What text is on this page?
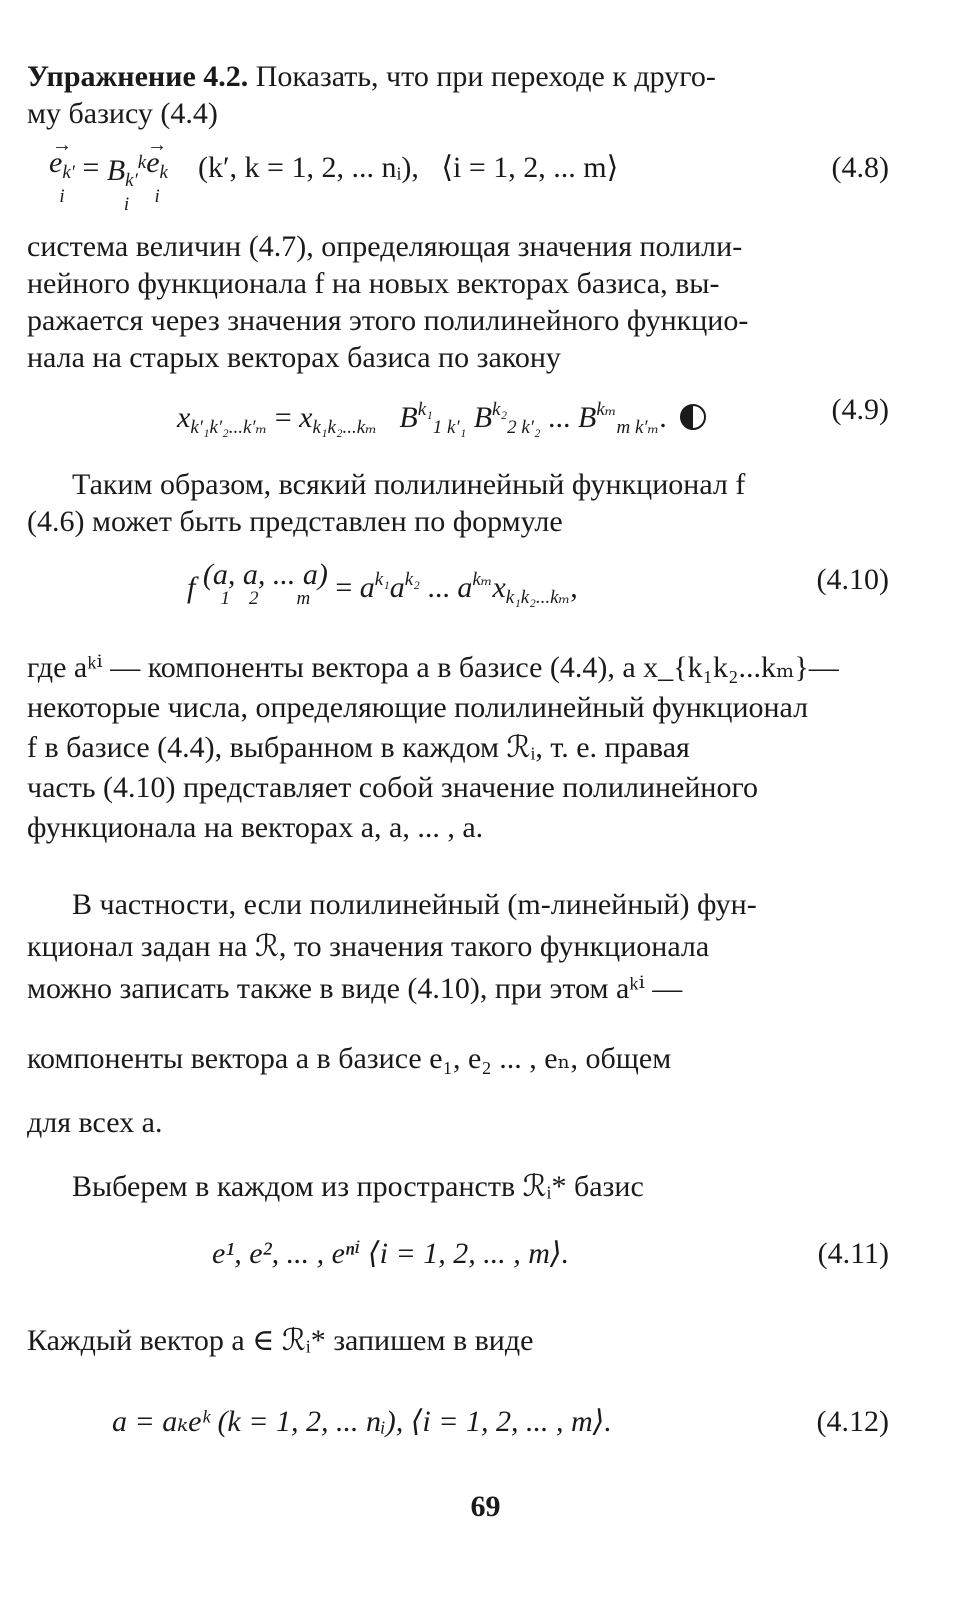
Упражнение 4.2. Показать, что при переходе к друго-
му базису (4.4)
→
$e_{k'}$
i
= $B_{k'}^k$
i
→
$e_k$
i
(k′, k = 1, 2, ... nᵢ), ⟨i = 1, 2, ... m⟩	(4.8)
система величин (4.7), определяющая значения полили-
нейного функционала f на новых векторах базиса, вы-
ражается через значения этого полилинейного функцио-
нала на старых векторах базиса по закону
$x_{k'_1k'_2...k'_m} = x_{k_1k_2...k_m}$ $B^{k_1}_{1 k'_1}$ $B^{k_2}_{2 k'_2}$ ... $B^{k_m}_{m k'_m}$.	(4.9)
Таким образом, всякий полилинейный функционал f
(4.6) может быть представлен по формуле
f (a, a, ... a)
1 2 $m = a^{k_1}a^{k_2}$ ... $a^{k_m}x_{k_1k_2...k_m}$,	(4.10)
где aᵏⁱ — компоненты вектора a в базисе (4.4), а x_{k₁k₂...kₘ}—
некоторые числа, определяющие полилинейный функционал
f в базисе (4.4), выбранном в каждом ℛᵢ, т. е. правая
часть (4.10) представляет собой значение полилинейного
функционала на векторах a, a, ... , a.
В частности, если полилинейный (m-линейный) фун-
кционал задан на ℛ, то значения такого функционала
можно записать также в виде (4.10), при этом aᵏⁱ —
компоненты вектора a в базисе e₁, e₂ ... , eₙ, общем
для всех a.
Выберем в каждом из пространств ℛᵢ* базис
e¹, e², ... , eⁿⁱ ⟨i = 1, 2, ... , m⟩.	(4.11)
Каждый вектор a ∈ ℛᵢ* запишем в виде
a = aₖeᵏ (k = 1, 2, ... nᵢ), ⟨i = 1, 2, ... , m⟩.	(4.12)
69
